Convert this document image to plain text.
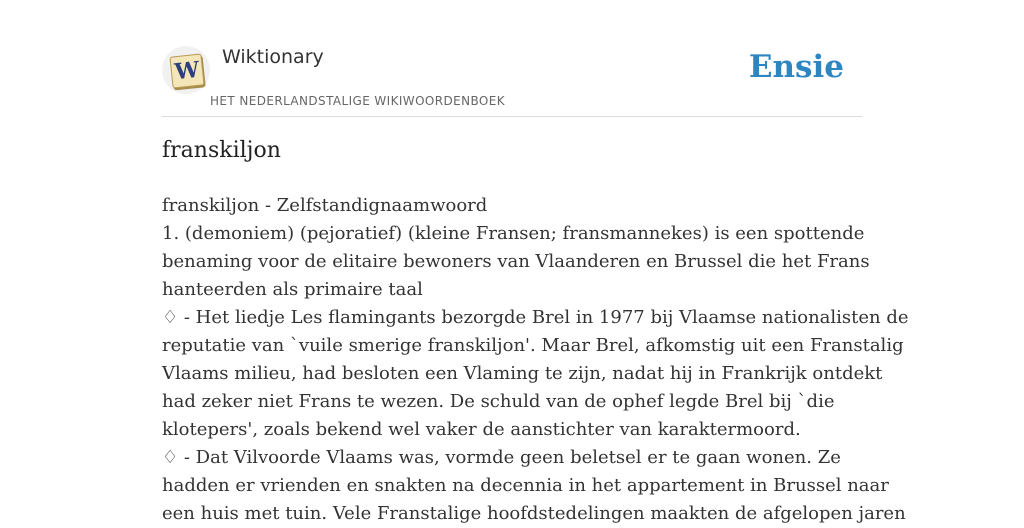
W Wiktionary
HET NEDERLANDSTALIGE WIKIWOORDENBOEK
Ensie
franskiljon
franskiljon - Zelfstandignaamwoord
1. (demoniem) (pejoratief) (kleine Fransen; fransmannekes) is een spottende
benaming voor de elitaire bewoners van Vlaanderen en Brussel die het Frans
hanteerden als primaire taal
♢ - Het liedje Les flamingants bezorgde Brel in 1977 bij Vlaamse nationalisten de
reputatie van `vuile smerige franskiljon'. Maar Brel, afkomstig uit een Franstalig
Vlaams milieu, had besloten een Vlaming te zijn, nadat hij in Frankrijk ontdekt
had zeker niet Frans te wezen. De schuld van de ophef legde Brel bij `die
klotepers', zoals bekend wel vaker de aanstichter van karaktermoord.
♢ - Dat Vilvoorde Vlaams was, vormde geen beletsel er te gaan wonen. Ze
hadden er vrienden en snakten na decennia in het appartement in Brussel naar
een huis met tuin. Vele Franstalige hoofdstedelingen maakten de afgelopen jaren
